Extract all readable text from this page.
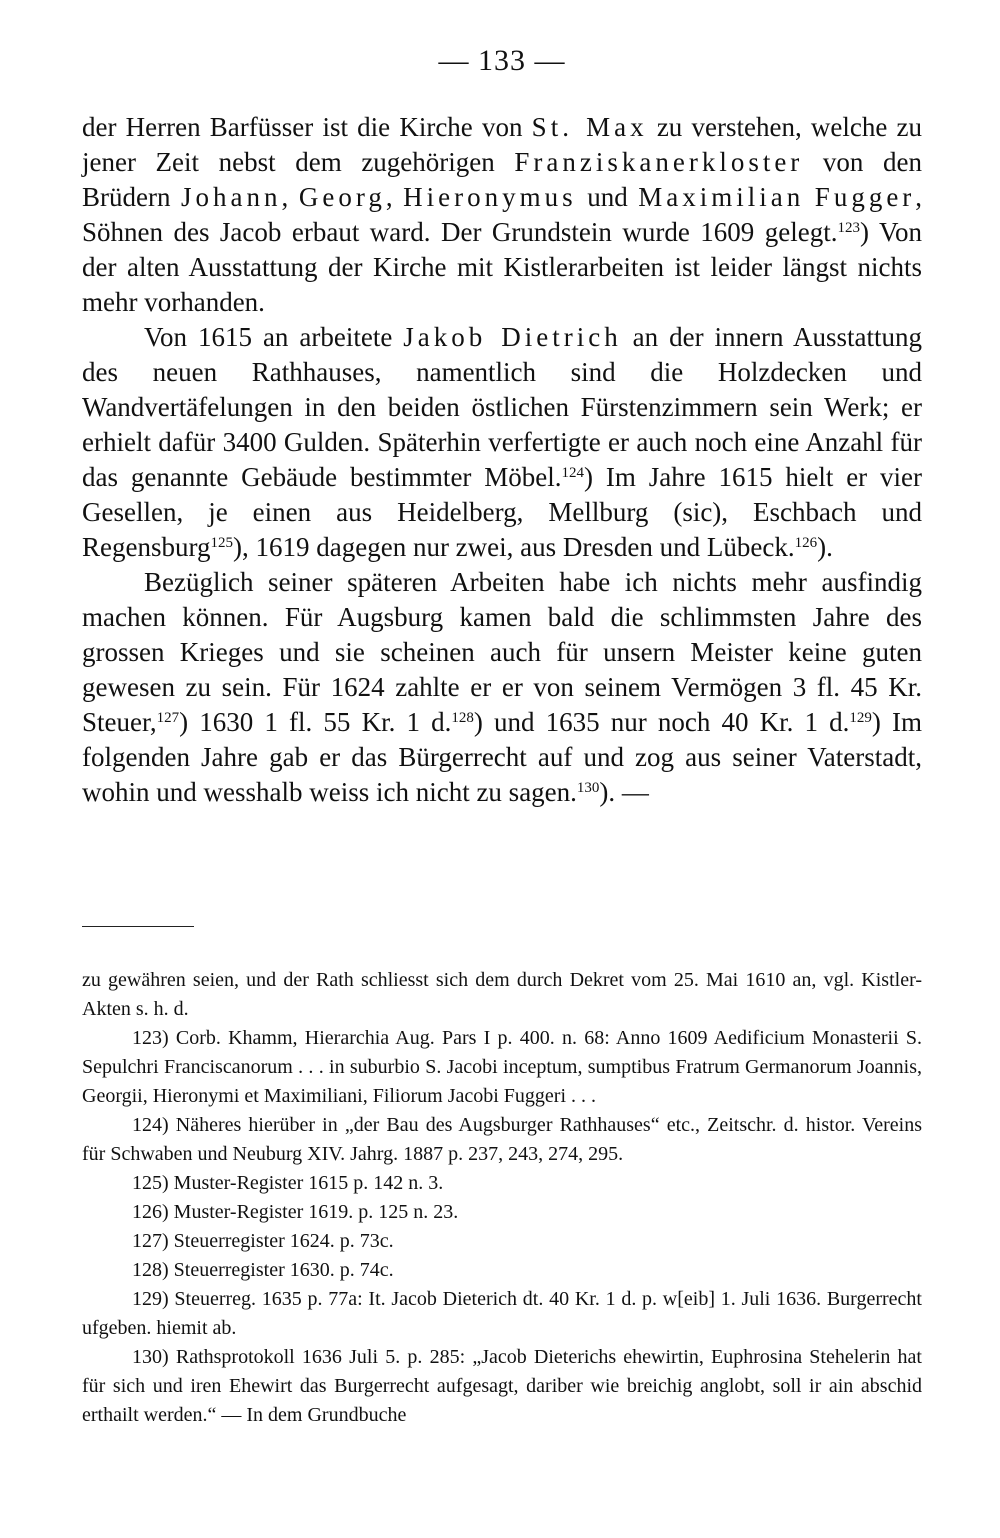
— 133 —

der Herren Barfüsser ist die Kirche von St. Max zu verstehen, welche zu jener Zeit nebst dem zugehörigen Franziskanerkloster von den Brüdern Johann, Georg, Hieronymus und Maximilian Fugger, Söhnen des Jacob erbaut ward. Der Grundstein wurde 1609 gelegt.$^{123}$) Von der alten Ausstattung der Kirche mit Kistlerarbeiten ist leider längst nichts mehr vorhanden.

Von 1615 an arbeitete Jakob Dietrich an der innern Ausstattung des neuen Rathhauses, namentlich sind die Holzdecken und Wandvertäfelungen in den beiden östlichen Fürstenzimmern sein Werk; er erhielt dafür 3400 Gulden. Späterhin verfertigte er auch noch eine Anzahl für das genannte Gebäude bestimmter Möbel.$^{124}$) Im Jahre 1615 hielt er vier Gesellen, je einen aus Heidelberg, Mellburg (sic), Eschbach und Regensburg$^{125}$), 1619 dagegen nur zwei, aus Dresden und Lübeck.$^{126}$).

Bezüglich seiner späteren Arbeiten habe ich nichts mehr ausfindig machen können. Für Augsburg kamen bald die schlimmsten Jahre des grossen Krieges und sie scheinen auch für unsern Meister keine guten gewesen zu sein. Für 1624 zahlte er er von seinem Vermögen 3 fl. 45 Kr. Steuer,$^{127}$) 1630 1 fl. 55 Kr. 1 d.$^{128}$) und 1635 nur noch 40 Kr. 1 d.$^{129}$) Im folgenden Jahre gab er das Bürgerrecht auf und zog aus seiner Vaterstadt, wohin und wesshalb weiss ich nicht zu sagen.$^{130}$). —

zu gewähren seien, und der Rath schliesst sich dem durch Dekret vom 25. Mai 1610 an, vgl. Kistler-Akten s. h. d.

123) Corb. Khamm, Hierarchia Aug. Pars I p. 400. n. 68: Anno 1609 Aedificium Monasterii S. Sepulchri Franciscanorum . . . in suburbio S. Jacobi inceptum, sumptibus Fratrum Germanorum Joannis, Georgii, Hieronymi et Maximiliani, Filiorum Jacobi Fuggeri . . .

124) Näheres hierüber in „der Bau des Augsburger Rathhauses“ etc., Zeitschr. d. histor. Vereins für Schwaben und Neuburg XIV. Jahrg. 1887 p. 237, 243, 274, 295.

125) Muster-Register 1615 p. 142 n. 3.

126) Muster-Register 1619. p. 125 n. 23.

127) Steuerregister 1624. p. 73c.

128) Steuerregister 1630. p. 74c.

129) Steuerreg. 1635 p. 77a: It. Jacob Dieterich dt. 40 Kr. 1 d. p. w[eib] 1. Juli 1636. Burgerrecht ufgeben. hiemit ab.

130) Rathsprotokoll 1636 Juli 5. p. 285: „Jacob Dieterichs ehewirtin, Euphrosina Stehelerin hat für sich und iren Ehewirt das Burgerrecht aufgesagt, dariber wie breichig anglobt, soll ir ain abschid erthailt werden.“ — In dem Grundbuche
